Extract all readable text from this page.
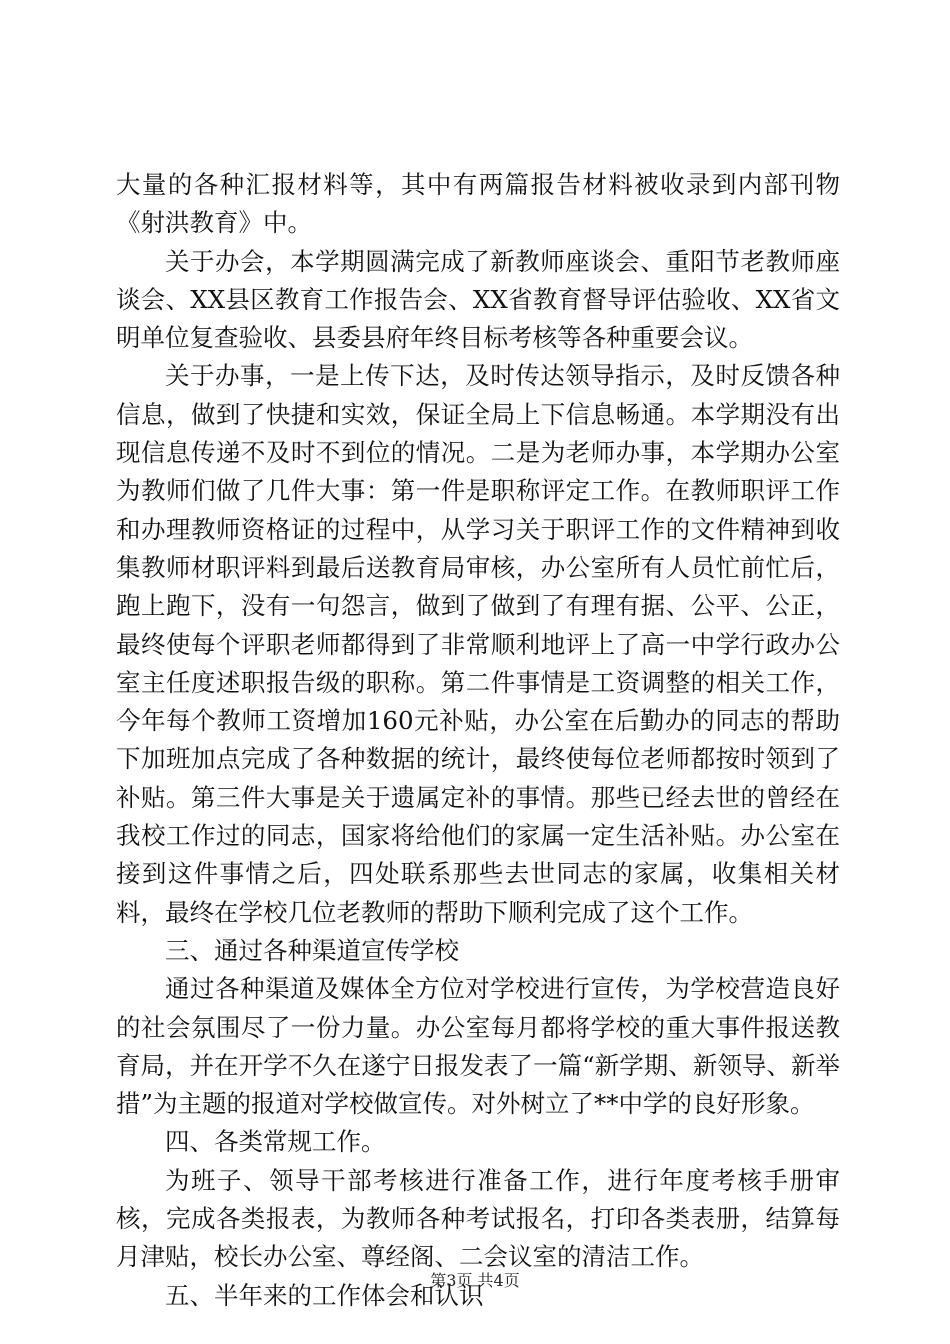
大量的各种汇报材料等，其中有两篇报告材料被收录到内部刊物《射洪教育》中。

关于办会，本学期圆满完成了新教师座谈会、重阳节老教师座谈会、XX县区教育工作报告会、XX省教育督导评估验收、XX省文明单位复查验收、县委县府年终目标考核等各种重要会议。

关于办事，一是上传下达，及时传达领导指示，及时反馈各种信息，做到了快捷和实效，保证全局上下信息畅通。本学期没有出现信息传递不及时不到位的情况。二是为老师办事，本学期办公室为教师们做了几件大事：第一件是职称评定工作。在教师职评工作和办理教师资格证的过程中，从学习关于职评工作的文件精神到收集教师材职评料到最后送教育局审核，办公室所有人员忙前忙后，跑上跑下，没有一句怨言，做到了做到了有理有据、公平、公正，最终使每个评职老师都得到了非常顺利地评上了高一中学行政办公室主任度述职报告级的职称。第二件事情是工资调整的相关工作，今年每个教师工资增加160元补贴，办公室在后勤办的同志的帮助下加班加点完成了各种数据的统计，最终使每位老师都按时领到了补贴。第三件大事是关于遗属定补的事情。那些已经去世的曾经在我校工作过的同志，国家将给他们的家属一定生活补贴。办公室在接到这件事情之后，四处联系那些去世同志的家属，收集相关材料，最终在学校几位老教师的帮助下顺利完成了这个工作。

三、通过各种渠道宣传学校

通过各种渠道及媒体全方位对学校进行宣传，为学校营造良好的社会氛围尽了一份力量。办公室每月都将学校的重大事件报送教育局，并在开学不久在遂宁日报发表了一篇“新学期、新领导、新举措”为主题的报道对学校做宣传。对外树立了**中学的良好形象。

四、各类常规工作。

为班子、领导干部考核进行准备工作，进行年度考核手册审核，完成各类报表，为教师各种考试报名，打印各类表册，结算每月津贴，校长办公室、尊经阁、二会议室的清洁工作。

五、半年来的工作体会和认识

第3页 共4页
